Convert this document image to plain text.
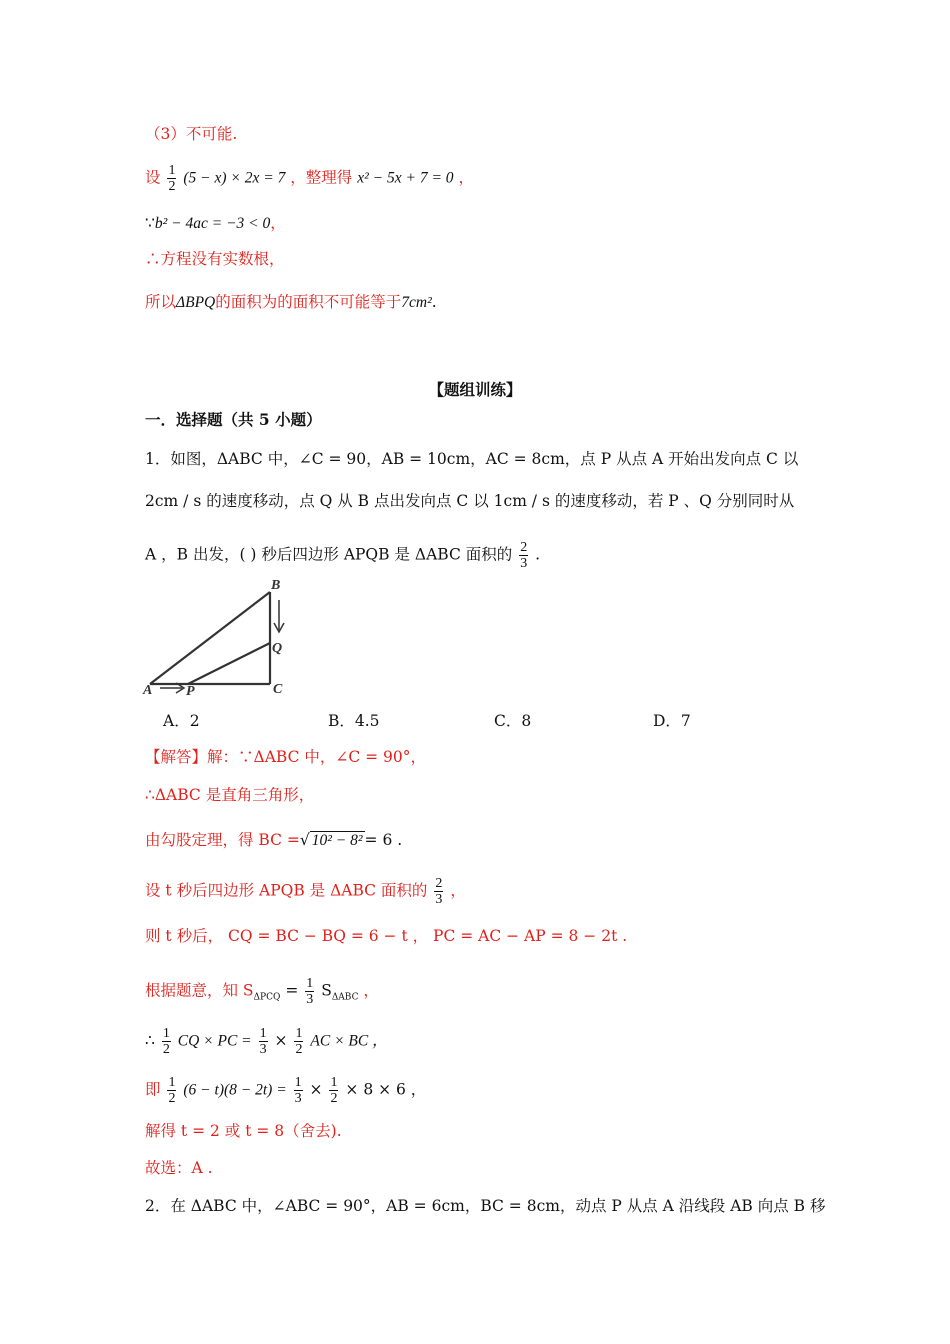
（3）不可能.
设 $\frac{1}{2} (5 - x) \times 2x = 7$ ，整理得 x² − 5x + 7 = 0 ，
∵b² − 4ac = −3 < 0，
∴方程没有实数根，
所以ΔBPQ的面积为的面积不可能等于7cm².
【题组训练】
一．选择题（共 5 小题）
1．如图，ΔABC 中，∠C = 90，AB = 10cm，AC = 8cm，点 P 从点 A 开始出发向点 C 以
2cm / s 的速度移动，点 Q 从 B 点出发向点 C 以 1cm / s 的速度移动，若 P 、Q 分别同时从
A ，B 出发，( ) 秒后四边形 APQB 是 ΔABC 面积的 $\frac{2}{3}$ .
B
Q
C
A P
A．2	B．4.5	C．8	D．7
【解答】解：∵ΔABC 中，∠C = 90°，
∴ΔABC 是直角三角形，
由勾股定理，得 BC =√ 10² − 8² = 6 .
设 t 秒后四边形 APQB 是 ΔABC 面积的 $\frac{2}{3}$ ，
则 t 秒后， CQ = BC − BQ = 6 − t ， PC = AC − AP = 8 − 2t .
根据题意，知 $S_{\Delta PCQ} = \frac{1}{3} S_{\Delta ABC}$ ，
∴ $\frac{1}{2}$ CQ × PC = $\frac{1}{3} \times \frac{1}{2}$ AC × BC ，
即 $\frac{1}{2} (6 - t)(8 - 2t) = \frac{1}{3} \times \frac{1}{2} \times 8 \times 6$ ，
解得 t = 2 或 t = 8（舍去).
故选：A .
2．在 ΔABC 中，∠ABC = 90°，AB = 6cm，BC = 8cm，动点 P 从点 A 沿线段 AB 向点 B 移
